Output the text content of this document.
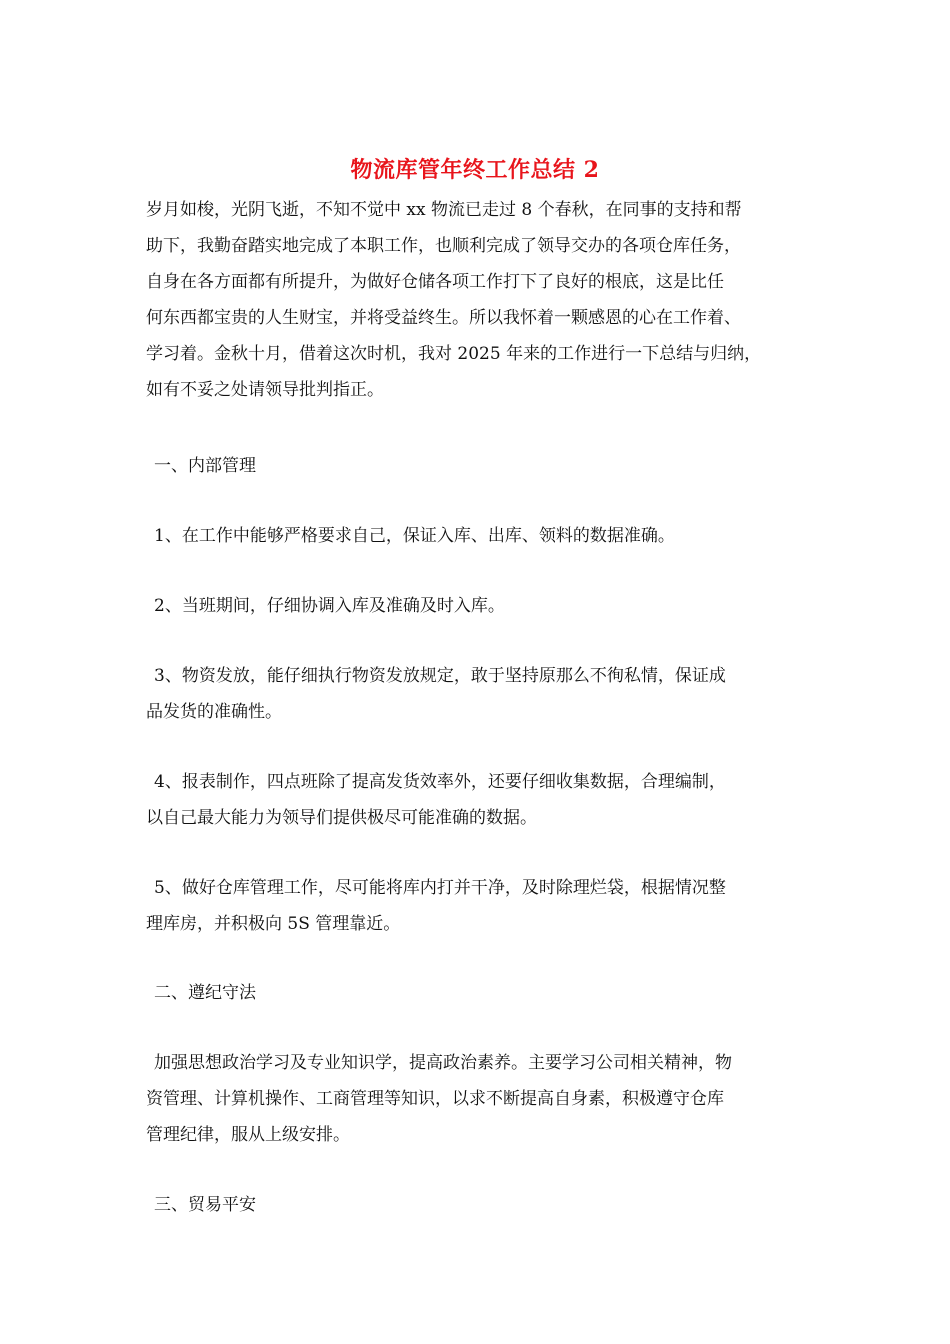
物流库管年终工作总结 2
岁月如梭，光阴飞逝，不知不觉中 xx 物流已走过 8 个春秋，在同事的支持和帮
助下，我勤奋踏实地完成了本职工作，也顺利完成了领导交办的各项仓库任务，
自身在各方面都有所提升，为做好仓储各项工作打下了良好的根底，这是比任
何东西都宝贵的人生财宝，并将受益终生。所以我怀着一颗感恩的心在工作着、
学习着。金秋十月，借着这次时机，我对 2025 年来的工作进行一下总结与归纳，
如有不妥之处请领导批判指正。
一、内部管理
1、在工作中能够严格要求自己，保证入库、出库、领料的数据准确。
2、当班期间，仔细协调入库及准确及时入库。
3、物资发放，能仔细执行物资发放规定，敢于坚持原那么不徇私情，保证成
品发货的准确性。
4、报表制作，四点班除了提高发货效率外，还要仔细收集数据，合理编制，
以自己最大能力为领导们提供极尽可能准确的数据。
5、做好仓库管理工作，尽可能将库内打并干净，及时除理烂袋，根据情况整
理库房，并积极向 5S 管理靠近。
二、遵纪守法
加强思想政治学习及专业知识学，提高政治素养。主要学习公司相关精神，物
资管理、计算机操作、工商管理等知识，以求不断提高自身素，积极遵守仓库
管理纪律，服从上级安排。
三、贸易平安
